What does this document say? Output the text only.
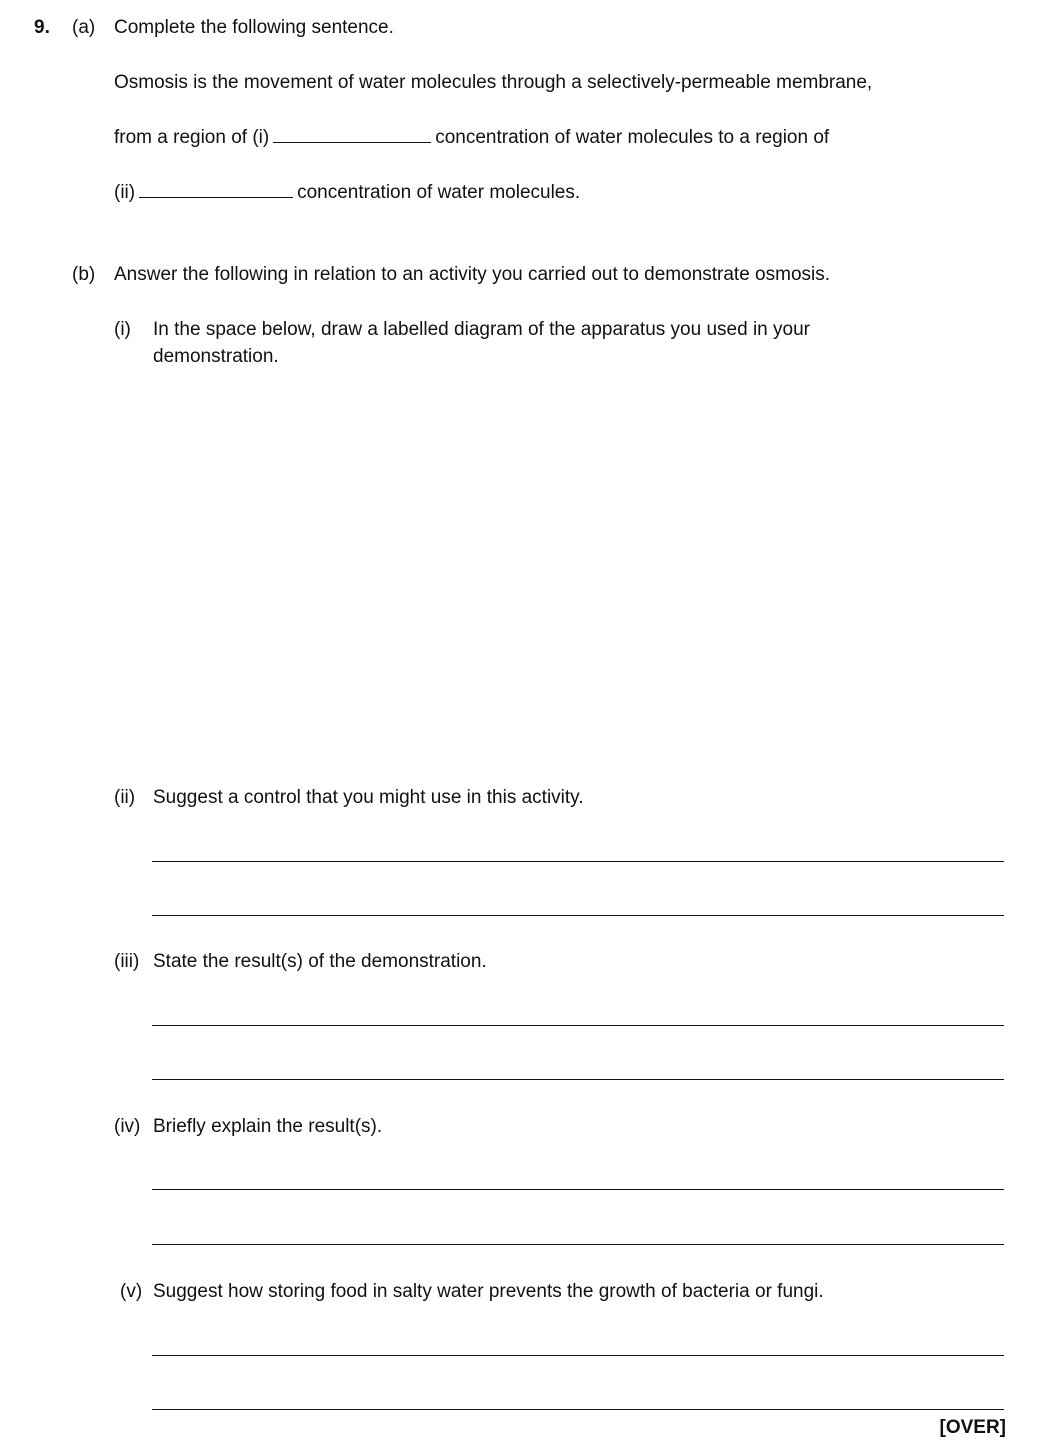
9. (a) Complete the following sentence.
Osmosis is the movement of water molecules through a selectively-permeable membrane,
from a region of (i)	concentration of water molecules to a region of
(ii)	concentration of water molecules.
(b) Answer the following in relation to an activity you carried out to demonstrate osmosis.
(i) In the space below, draw a labelled diagram of the apparatus you used in your
demonstration.
(ii) Suggest a control that you might use in this activity.
(iii) State the result(s) of the demonstration.
(iv) Briefly explain the result(s).
(v) Suggest how storing food in salty water prevents the growth of bacteria or fungi.
[OVER]
